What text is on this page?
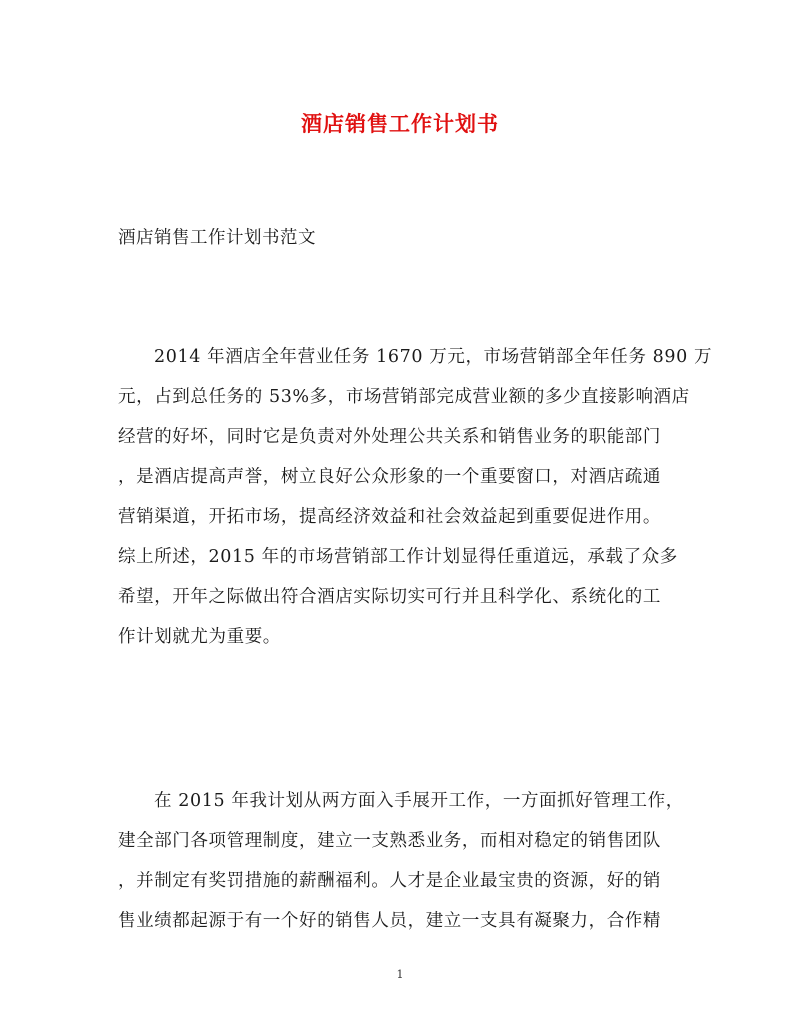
酒店销售工作计划书

酒店销售工作计划书范文

2014 年酒店全年营业任务 1670 万元，市场营销部全年任务 890 万
元，占到总任务的 53%多，市场营销部完成营业额的多少直接影响酒店
经营的好坏，同时它是负责对外处理公共关系和销售业务的职能部门
，是酒店提高声誉，树立良好公众形象的一个重要窗口，对酒店疏通
营销渠道，开拓市场，提高经济效益和社会效益起到重要促进作用。
综上所述，2015 年的市场营销部工作计划显得任重道远，承载了众多
希望，开年之际做出符合酒店实际切实可行并且科学化、系统化的工
作计划就尤为重要。
在 2015 年我计划从两方面入手展开工作，一方面抓好管理工作，
建全部门各项管理制度，建立一支熟悉业务，而相对稳定的销售团队
，并制定有奖罚措施的薪酬福利。人才是企业最宝贵的资源，好的销
售业绩都起源于有一个好的销售人员，建立一支具有凝聚力，合作精
1
